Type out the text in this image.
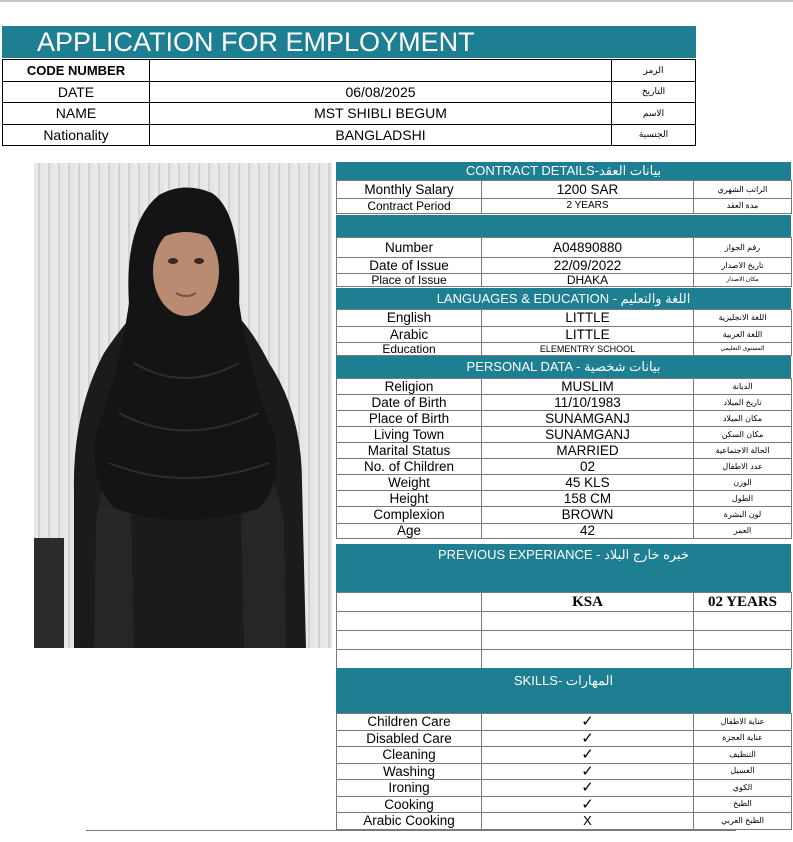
APPLICATION FOR EMPLOYMENT
CODE NUMBER		الرمز
DATE	06/08/2025	التاريخ
NAME	MST SHIBLI BEGUM	الاسم
Nationality	BANGLADSHI	الجنسية
CONTRACT DETAILS-بيانات العقد
Monthly Salary	1200 SAR	الراتب الشهري
Contract Period	2 YEARS	مدة العقد
Number	A04890880	رقم الجواز
Date of Issue	22/09/2022	تاريخ الاصدار
Place of Issue	DHAKA	مكان الاصدار
LANGUAGES & EDUCATION - اللغة والتعليم
English	LITTLE	اللغة الانجليزية
Arabic	LITTLE	اللغة العربية
Education	ELEMENTRY SCHOOL	المستوى التعليمي
PERSONAL DATA - بيانات شخصية
Religion	MUSLIM	الديانة
Date of Birth	11/10/1983	تاريخ الميلاد
Place of Birth	SUNAMGANJ	مكان الميلاد
Living Town	SUNAMGANJ	مكان السكن
Marital Status	MARRIED	الحالة الاجتماعية
No. of Children	02	عدد الاطفال
Weight	45 KLS	الوزن
Height	158 CM	الطول
Complexion	BROWN	لون البشرة
Age	42	العمر
PREVIOUS EXPERIANCE - خبره خارج البلاد
	KSA	02 YEARS

SKILLS- المهارات
Children Care	✓	عناية الاطفال
Disabled Care	✓	عناية العجزة
Cleaning	✓	التنظيف
Washing	✓	الغسيل
Ironing	✓	الكوي
Cooking	✓	الطبخ
Arabic Cooking	X	الطبخ العربي
